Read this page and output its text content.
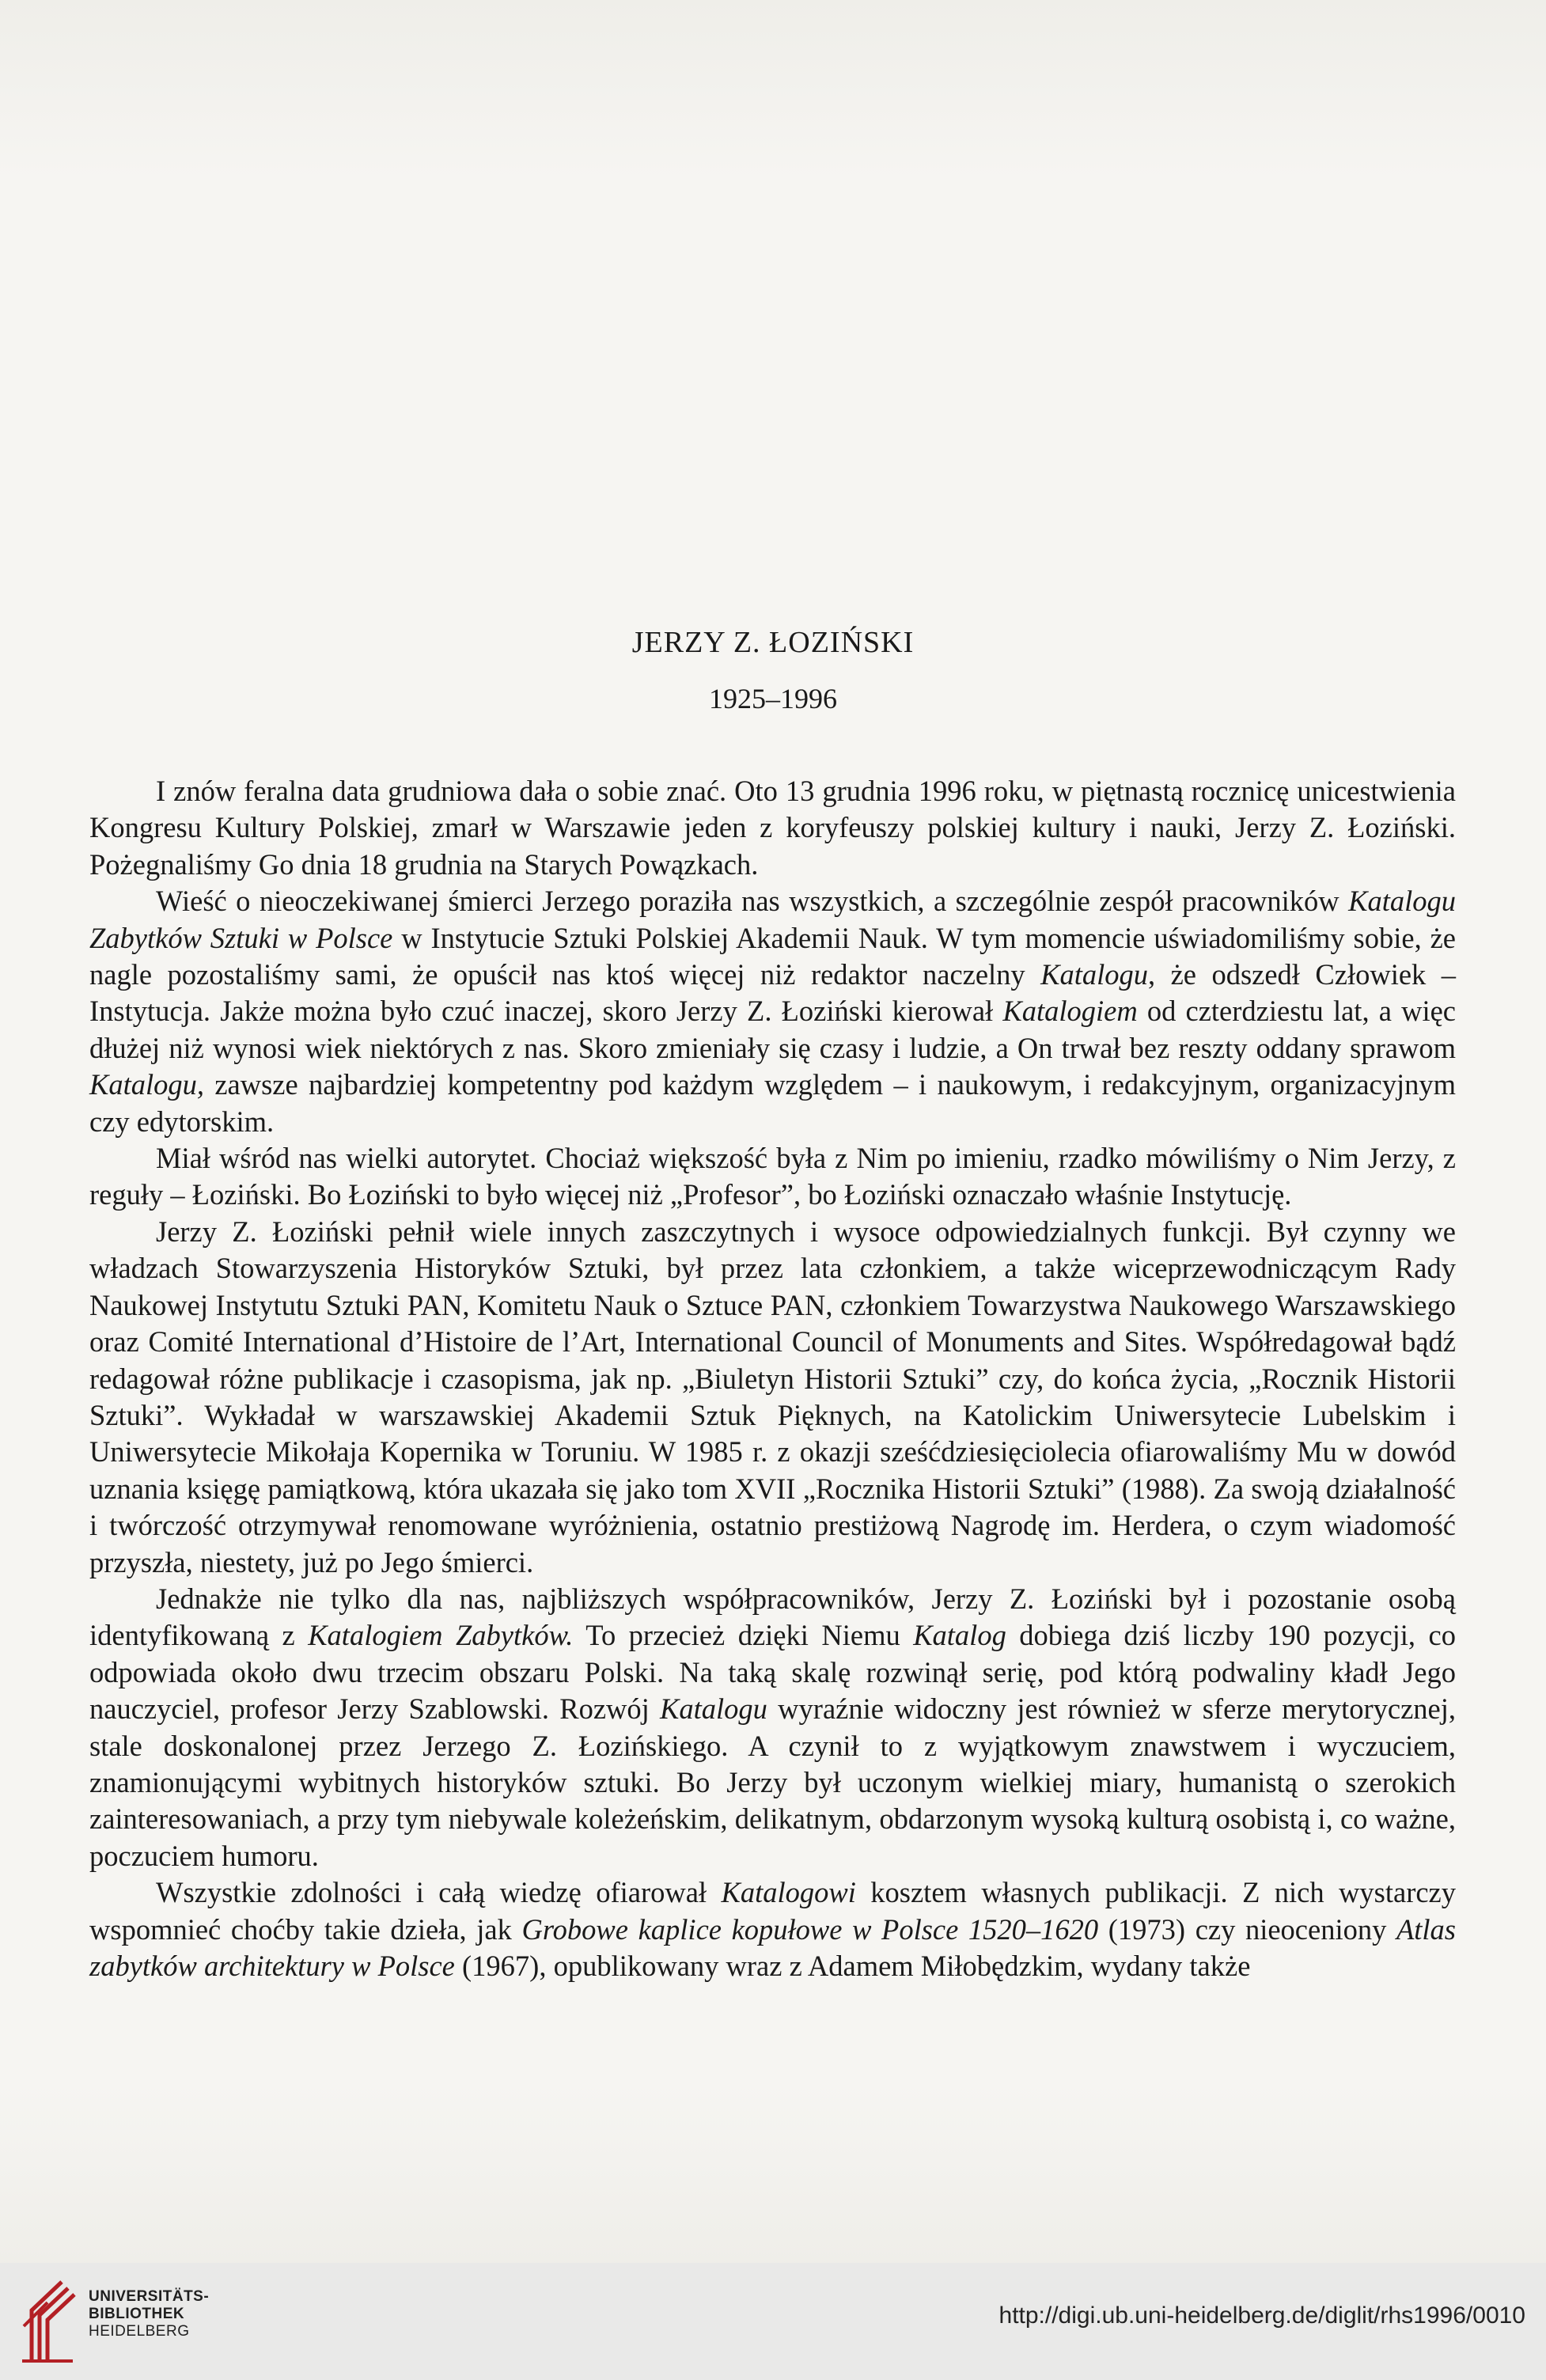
JERZY Z. ŁOZIŃSKI
1925–1996

I znów feralna data grudniowa dała o sobie znać. Oto 13 grudnia 1996 roku, w piętnastą rocznicę unicestwienia Kongresu Kultury Polskiej, zmarł w Warszawie jeden z koryfeuszy polskiej kultury i nauki, Jerzy Z. Łoziński. Pożegnaliśmy Go dnia 18 grudnia na Starych Powązkach.

Wieść o nieoczekiwanej śmierci Jerzego poraziła nas wszystkich, a szczególnie zespół pracowników Katalogu Zabytków Sztuki w Polsce w Instytucie Sztuki Polskiej Akademii Nauk. W tym momencie uświadomiliśmy sobie, że nagle pozostaliśmy sami, że opuścił nas ktoś więcej niż redaktor naczelny Katalogu, że odszedł Człowiek – Instytucja. Jakże można było czuć inaczej, skoro Jerzy Z. Łoziński kierował Katalogiem od czterdziestu lat, a więc dłużej niż wynosi wiek niektórych z nas. Skoro zmieniały się czasy i ludzie, a On trwał bez reszty oddany sprawom Katalogu, zawsze najbardziej kompetentny pod każdym względem – i naukowym, i redakcyjnym, organizacyjnym czy edytorskim.

Miał wśród nas wielki autorytet. Chociaż większość była z Nim po imieniu, rzadko mówiliśmy o Nim Jerzy, z reguły – Łoziński. Bo Łoziński to było więcej niż „Profesor”, bo Łoziński oznaczało właśnie Instytucję.

Jerzy Z. Łoziński pełnił wiele innych zaszczytnych i wysoce odpowiedzialnych funkcji. Był czynny we władzach Stowarzyszenia Historyków Sztuki, był przez lata członkiem, a także wiceprzewodniczącym Rady Naukowej Instytutu Sztuki PAN, Komitetu Nauk o Sztuce PAN, członkiem Towarzystwa Naukowego Warszawskiego oraz Comité International d’Histoire de l’Art, International Council of Monuments and Sites. Współredagował bądź redagował różne publikacje i czasopisma, jak np. „Biuletyn Historii Sztuki” czy, do końca życia, „Rocznik Historii Sztuki”. Wykładał w warszawskiej Akademii Sztuk Pięknych, na Katolickim Uniwersytecie Lubelskim i Uniwersytecie Mikołaja Kopernika w Toruniu. W 1985 r. z okazji sześćdziesięciolecia ofiarowaliśmy Mu w dowód uznania księgę pamiątkową, która ukazała się jako tom XVII „Rocznika Historii Sztuki” (1988). Za swoją działalność i twórczość otrzymywał renomowane wyróżnienia, ostatnio prestiżową Nagrodę im. Herdera, o czym wiadomość przyszła, niestety, już po Jego śmierci.

Jednakże nie tylko dla nas, najbliższych współpracowników, Jerzy Z. Łoziński był i pozostanie osobą identyfikowaną z Katalogiem Zabytków. To przecież dzięki Niemu Katalog dobiega dziś liczby 190 pozycji, co odpowiada około dwu trzecim obszaru Polski. Na taką skalę rozwinął serię, pod którą podwaliny kładł Jego nauczyciel, profesor Jerzy Szablowski. Rozwój Katalogu wyraźnie widoczny jest również w sferze merytorycznej, stale doskonalonej przez Jerzego Z. Łozińskiego. A czynił to z wyjątkowym znawstwem i wyczuciem, znamionującymi wybitnych historyków sztuki. Bo Jerzy był uczonym wielkiej miary, humanistą o szerokich zainteresowaniach, a przy tym niebywale koleżeńskim, delikatnym, obdarzonym wysoką kulturą osobistą i, co ważne, poczuciem humoru.

Wszystkie zdolności i całą wiedzę ofiarował Katalogowi kosztem własnych publikacji. Z nich wystarczy wspomnieć choćby takie dzieła, jak Grobowe kaplice kopułowe w Polsce 1520–1620 (1973) czy nieoceniony Atlas zabytków architektury w Polsce (1967), opublikowany wraz z Adamem Miłobędzkim, wydany także

UNIVERSITÄTS-
BIBLIOTHEK
HEIDELBERG
http://digi.ub.uni-heidelberg.de/diglit/rhs1996/0010
